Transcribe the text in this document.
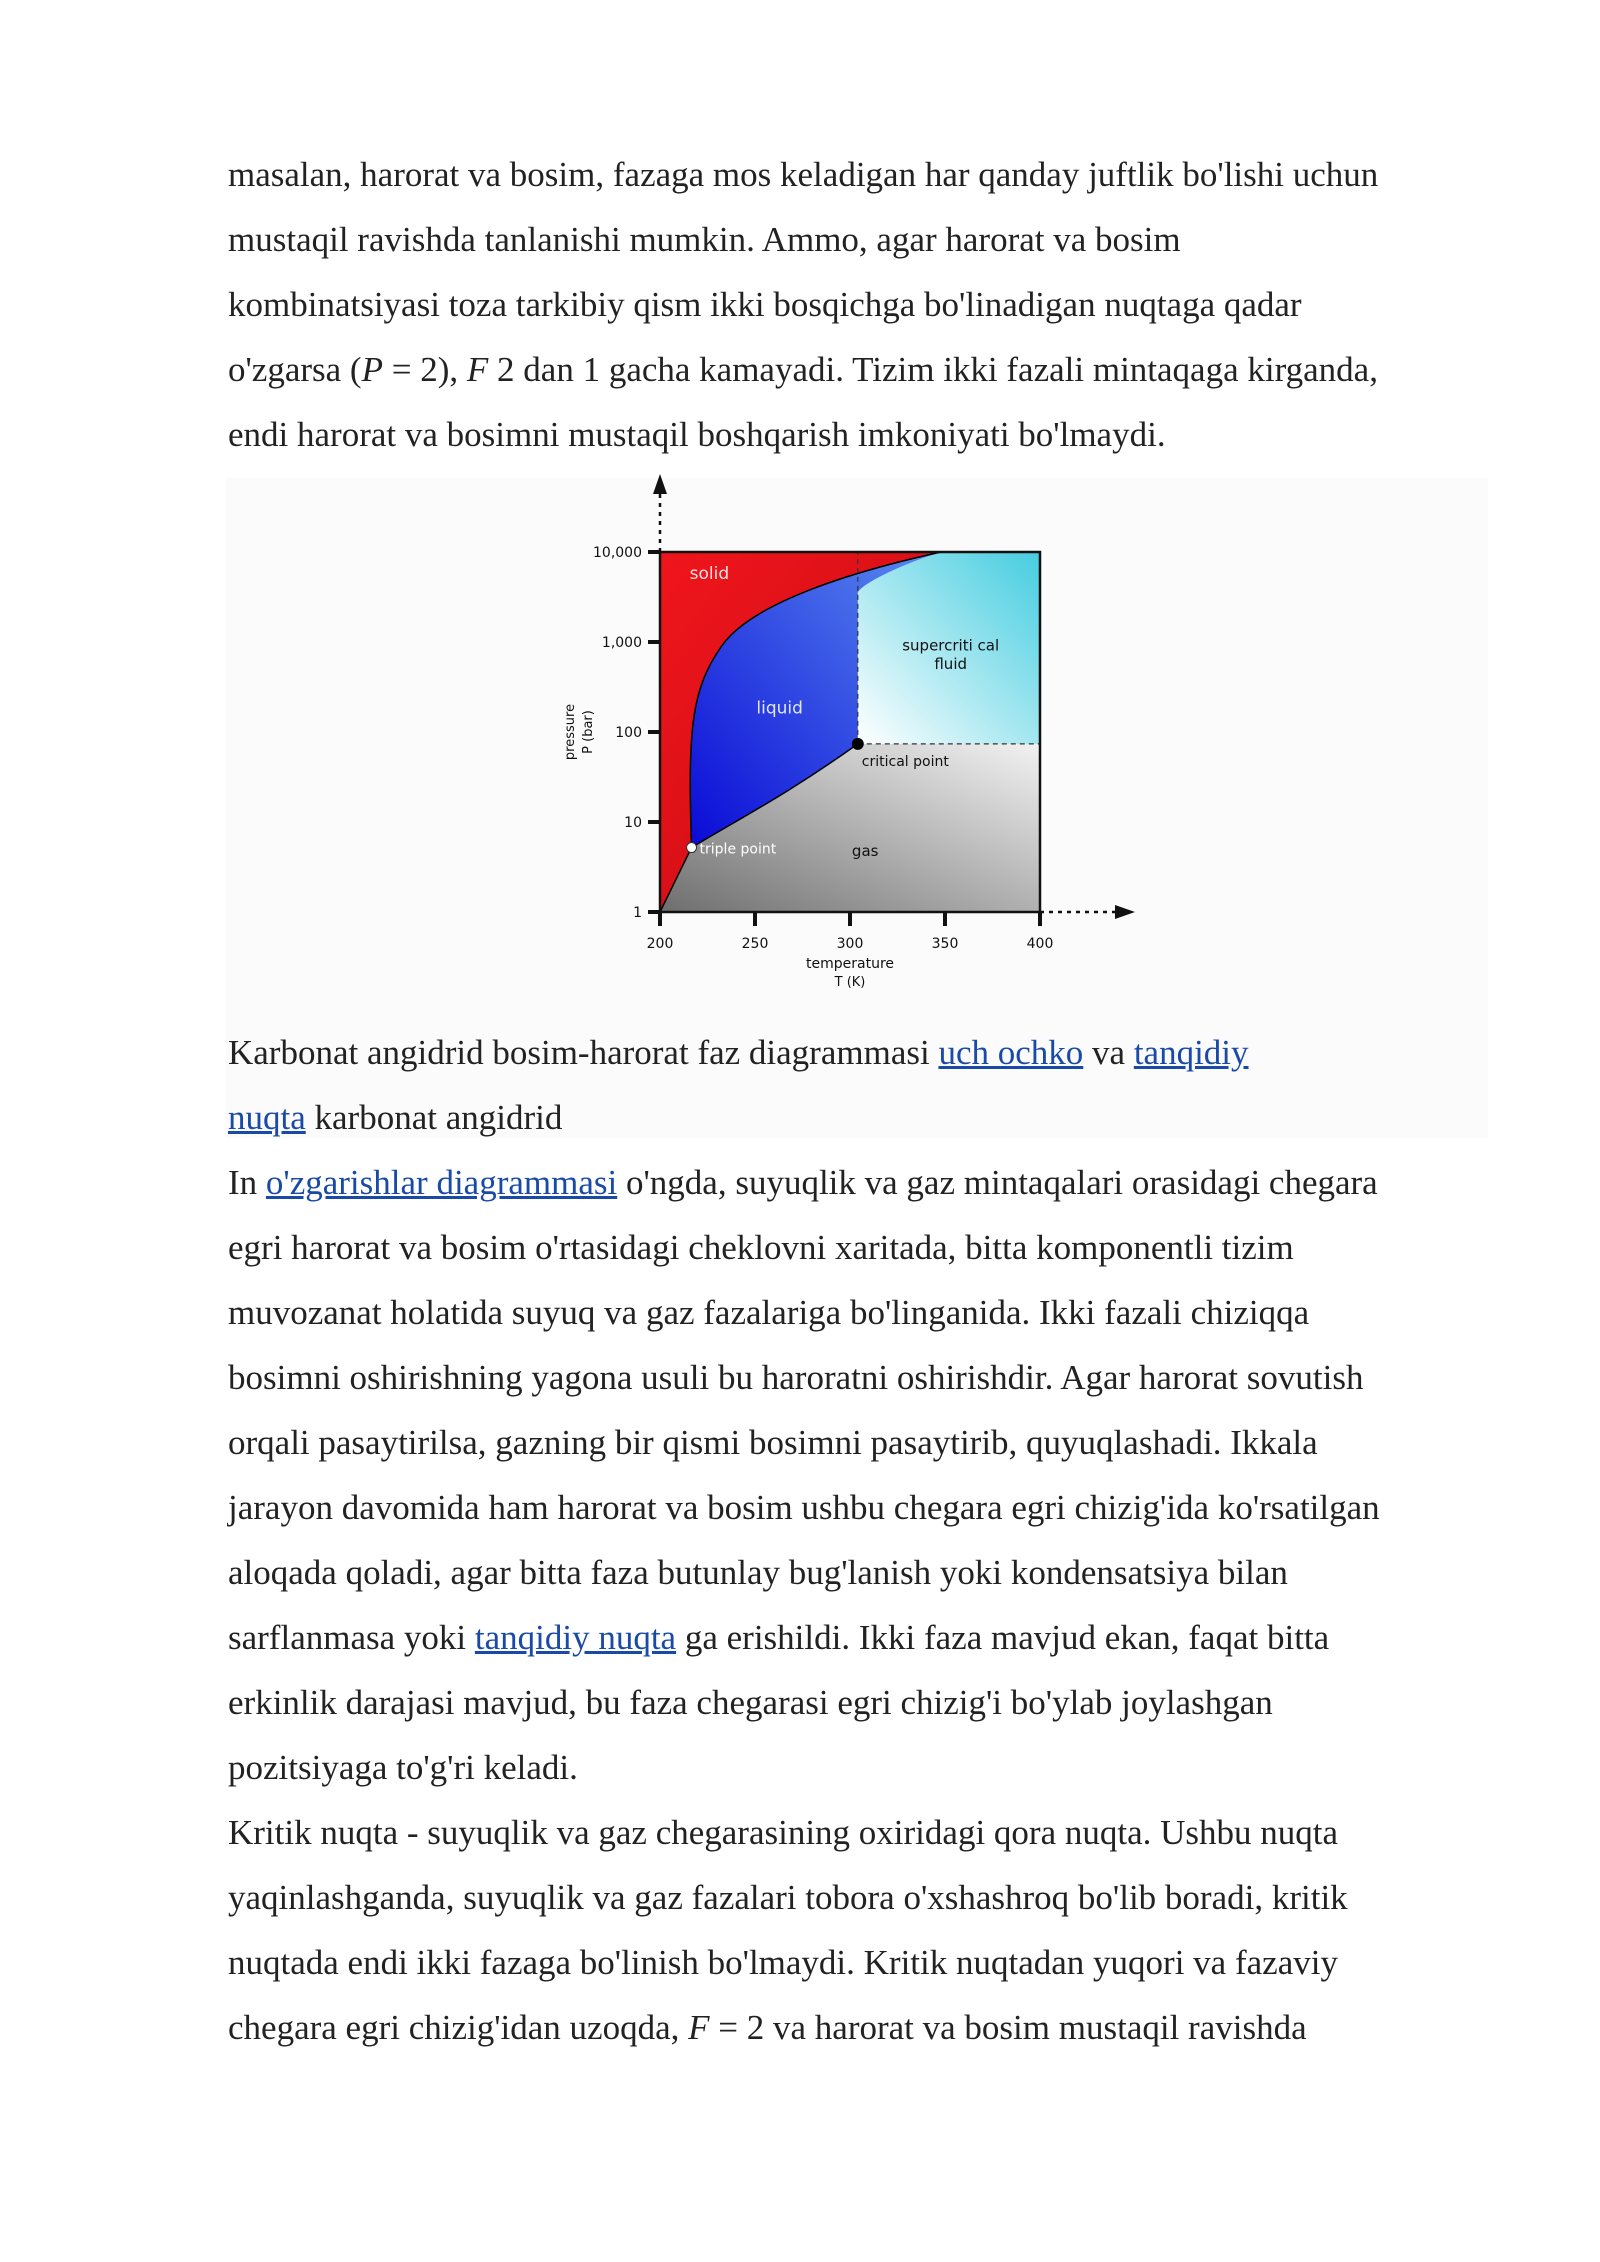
masalan, harorat va bosim, fazaga mos keladigan har qanday juftlik bo'lishi uchun
mustaqil ravishda tanlanishi mumkin. Ammo, agar harorat va bosim
kombinatsiyasi toza tarkibiy qism ikki bosqichga bo'linadigan nuqtaga qadar
o'zgarsa (P = 2), F 2 dan 1 gacha kamayadi. Tizim ikki fazali mintaqaga kirganda,
endi harorat va bosimni mustaqil boshqarish imkoniyati bo'lmaydi.

1
10
100
1,000
10,000
200	250	300	350	400
temperature
T (K)
pressure P (bar)
solid
liquid
supercriti cal
fluid
gas
triple point
critical point

Karbonat angidrid bosim-harorat faz diagrammasi uch ochko va tanqidiy
nuqta karbonat angidrid

In o'zgarishlar diagrammasi o'ngda, suyuqlik va gaz mintaqalari orasidagi chegara
egri harorat va bosim o'rtasidagi cheklovni xaritada, bitta komponentli tizim
muvozanat holatida suyuq va gaz fazalariga bo'linganida. Ikki fazali chiziqqa
bosimni oshirishning yagona usuli bu haroratni oshirishdir. Agar harorat sovutish
orqali pasaytirilsa, gazning bir qismi bosimni pasaytirib, quyuqlashadi. Ikkala
jarayon davomida ham harorat va bosim ushbu chegara egri chizig'ida ko'rsatilgan
aloqada qoladi, agar bitta faza butunlay bug'lanish yoki kondensatsiya bilan
sarflanmasa yoki tanqidiy nuqta ga erishildi. Ikki faza mavjud ekan, faqat bitta
erkinlik darajasi mavjud, bu faza chegarasi egri chizig'i bo'ylab joylashgan
pozitsiyaga to'g'ri keladi.

Kritik nuqta - suyuqlik va gaz chegarasining oxiridagi qora nuqta. Ushbu nuqta
yaqinlashganda, suyuqlik va gaz fazalari tobora o'xshashroq bo'lib boradi, kritik
nuqtada endi ikki fazaga bo'linish bo'lmaydi. Kritik nuqtadan yuqori va fazaviy
chegara egri chizig'idan uzoqda, F = 2 va harorat va bosim mustaqil ravishda
